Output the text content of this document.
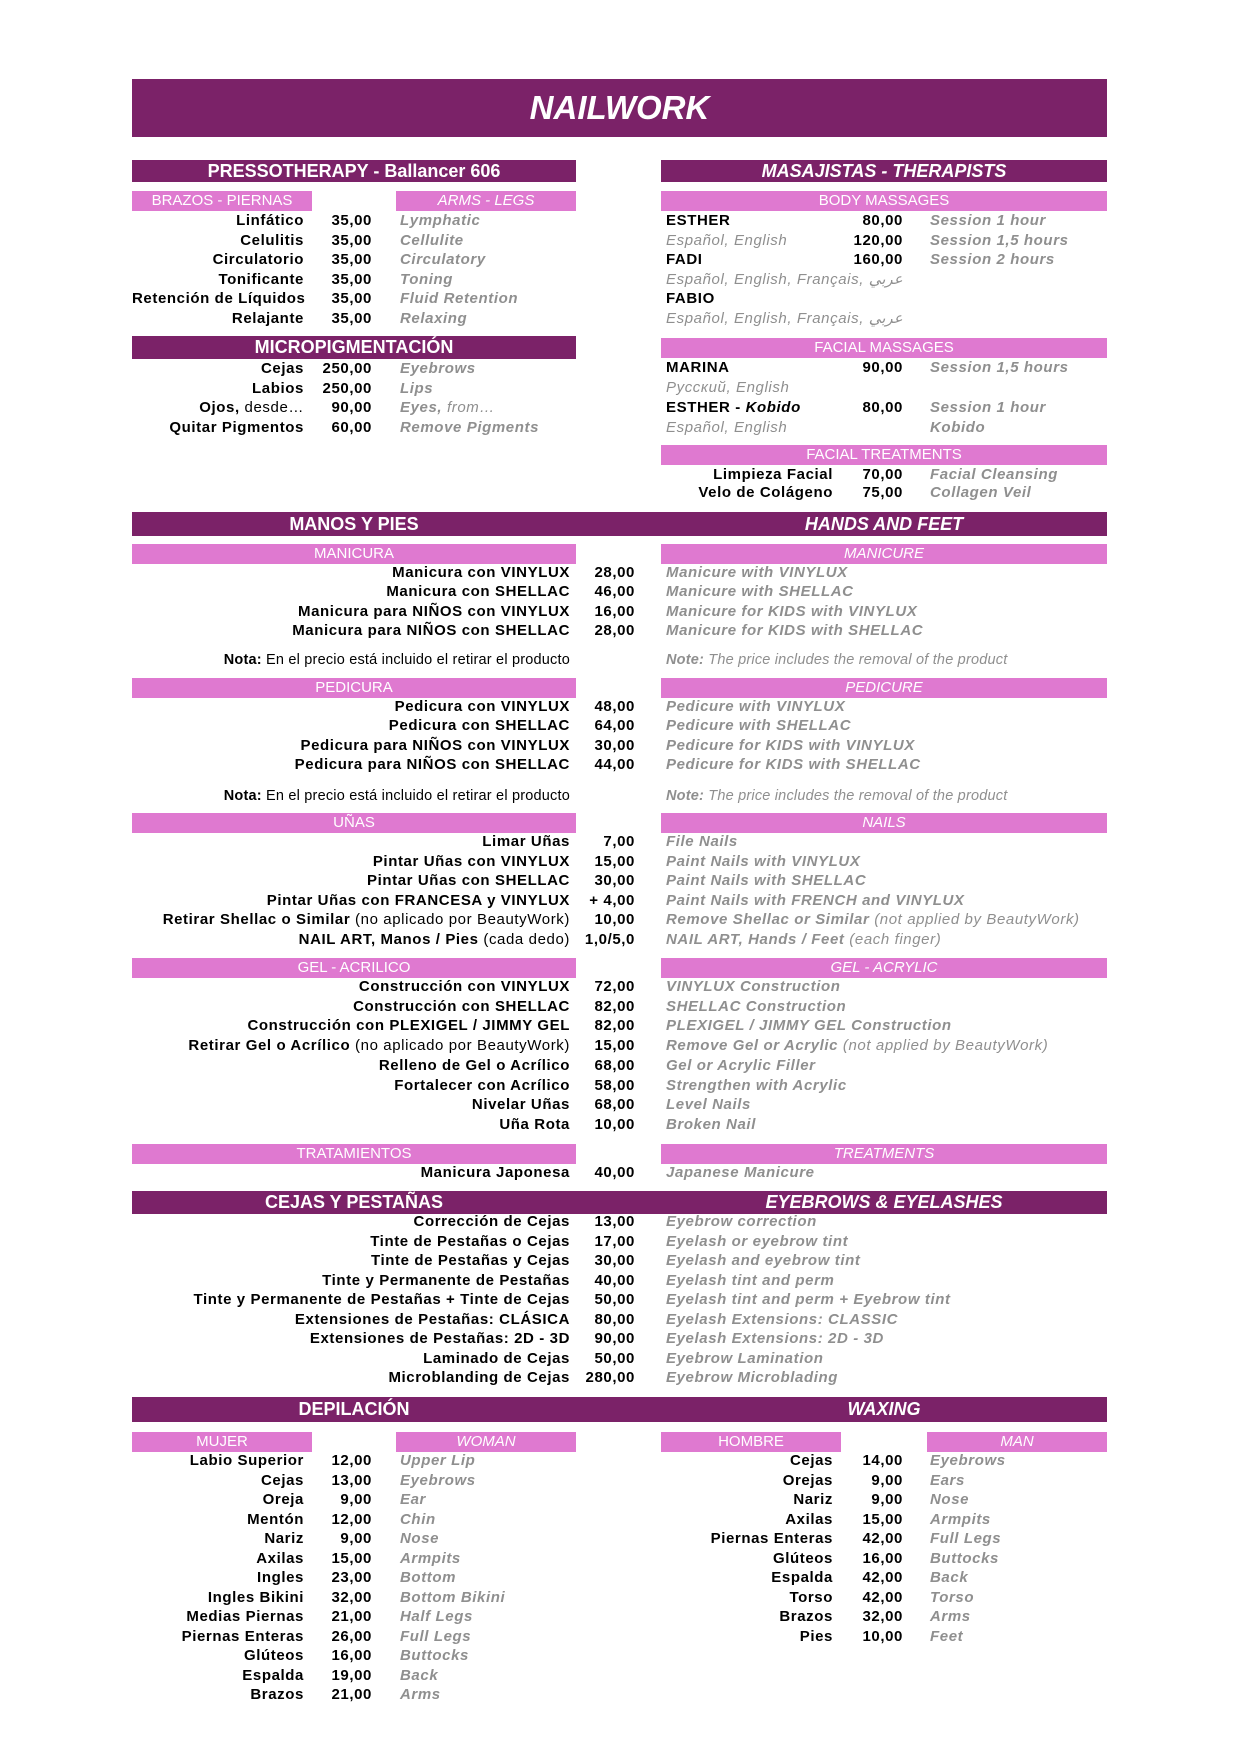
NAILWORK
PRESSOTHERAPY - Ballancer 606
BRAZOS - PIERNAS	ARMS - LEGS
Linfático	35,00 Lymphatic
Celulitis	35,00 Cellulite
Circulatorio	35,00 Circulatory
Tonificante	35,00 Toning
Retención de Líquidos	35,00 Fluid Retention
Relajante	35,00 Relaxing
MICROPIGMENTACIÓN
Cejas	250,00 Eyebrows
Labios	250,00 Lips
Ojos, desde…	90,00 Eyes, from…
Quitar Pigmentos	60,00 Remove Pigments
MASAJISTAS - THERAPISTS
BODY MASSAGES
ESTHER	80,00 Session 1 hour
Español, English	120,00 Session 1,5 hours
FADI	160,00 Session 2 hours
Español, English, Français, عربي
FABIO
Español, English, Français, عربي
FACIAL MASSAGES
MARINA	90,00 Session 1,5 hours
Русский, English
ESTHER - Kobido	80,00 Session 1 hour
Español, English	Kobido
FACIAL TREATMENTS
Limpieza Facial	70,00 Facial Cleansing
Velo de Colágeno	75,00 Collagen Veil
MANOS Y PIES	HANDS AND FEET
MANICURA	MANICURE
Manicura con VINYLUX	28,00 Manicure with VINYLUX
Manicura con SHELLAC	46,00 Manicure with SHELLAC
Manicura para NIÑOS con VINYLUX	16,00 Manicure for KIDS with VINYLUX
Manicura para NIÑOS con SHELLAC	28,00 Manicure for KIDS with SHELLAC
Nota: En el precio está incluido el retirar el producto	Note: The price includes the removal of the product
PEDICURA	PEDICURE
Pedicura con VINYLUX	48,00 Pedicure with VINYLUX
Pedicura con SHELLAC	64,00 Pedicure with SHELLAC
Pedicura para NIÑOS con VINYLUX	30,00 Pedicure for KIDS with VINYLUX
Pedicura para NIÑOS con SHELLAC	44,00 Pedicure for KIDS with SHELLAC
Nota: En el precio está incluido el retirar el producto	Note: The price includes the removal of the product
UÑAS	NAILS
Limar Uñas	7,00 File Nails
Pintar Uñas con VINYLUX	15,00 Paint Nails with VINYLUX
Pintar Uñas con SHELLAC	30,00 Paint Nails with SHELLAC
Pintar Uñas con FRANCESA y VINYLUX	+ 4,00 Paint Nails with FRENCH and VINYLUX
Retirar Shellac o Similar (no aplicado por BeautyWork)	10,00 Remove Shellac or Similar (not applied by BeautyWork)
NAIL ART, Manos / Pies (cada dedo) 1,0/5,0 NAIL ART, Hands / Feet (each finger)
GEL - ACRILICO	GEL - ACRYLIC
Construcción con VINYLUX	72,00 VINYLUX Construction
Construcción con SHELLAC	82,00 SHELLAC Construction
Construcción con PLEXIGEL / JIMMY GEL	82,00 PLEXIGEL / JIMMY GEL Construction
Retirar Gel o Acrílico (no aplicado por BeautyWork)	15,00 Remove Gel or Acrylic (not applied by BeautyWork)
Relleno de Gel o Acrílico	68,00 Gel or Acrylic Filler
Fortalecer con Acrílico	58,00 Strengthen with Acrylic
Nivelar Uñas	68,00 Level Nails
Uña Rota	10,00 Broken Nail
TRATAMIENTOS	TREATMENTS
Manicura Japonesa	40,00 Japanese Manicure
CEJAS Y PESTAÑAS	EYEBROWS & EYELASHES
Corrección de Cejas	13,00 Eyebrow correction
Tinte de Pestañas o Cejas	17,00 Eyelash or eyebrow tint
Tinte de Pestañas y Cejas	30,00 Eyelash and eyebrow tint
Tinte y Permanente de Pestañas	40,00 Eyelash tint and perm
Tinte y Permanente de Pestañas + Tinte de Cejas	50,00 Eyelash tint and perm + Eyebrow tint
Extensiones de Pestañas: CLÁSICA	80,00 Eyelash Extensions: CLASSIC
Extensiones de Pestañas: 2D - 3D	90,00 Eyelash Extensions: 2D - 3D
Laminado de Cejas	50,00 Eyebrow Lamination
Microblanding de Cejas	280,00 Eyebrow Microblading
DEPILACIÓN	WAXING
MUJER	WOMAN
Labio Superior	12,00 Upper Lip
Cejas	13,00 Eyebrows
Oreja	9,00 Ear
Mentón	12,00 Chin
Nariz	9,00 Nose
Axilas	15,00 Armpits
Ingles	23,00 Bottom
Ingles Bikini	32,00 Bottom Bikini
Medias Piernas	21,00 Half Legs
Piernas Enteras	26,00 Full Legs
Glúteos	16,00 Buttocks
Espalda	19,00 Back
Brazos	21,00 Arms
HOMBRE	MAN
Cejas	14,00 Eyebrows
Orejas	9,00 Ears
Nariz	9,00 Nose
Axilas	15,00 Armpits
Piernas Enteras	42,00 Full Legs
Glúteos	16,00 Buttocks
Espalda	42,00 Back
Torso	42,00 Torso
Brazos	32,00 Arms
Pies	10,00 Feet
